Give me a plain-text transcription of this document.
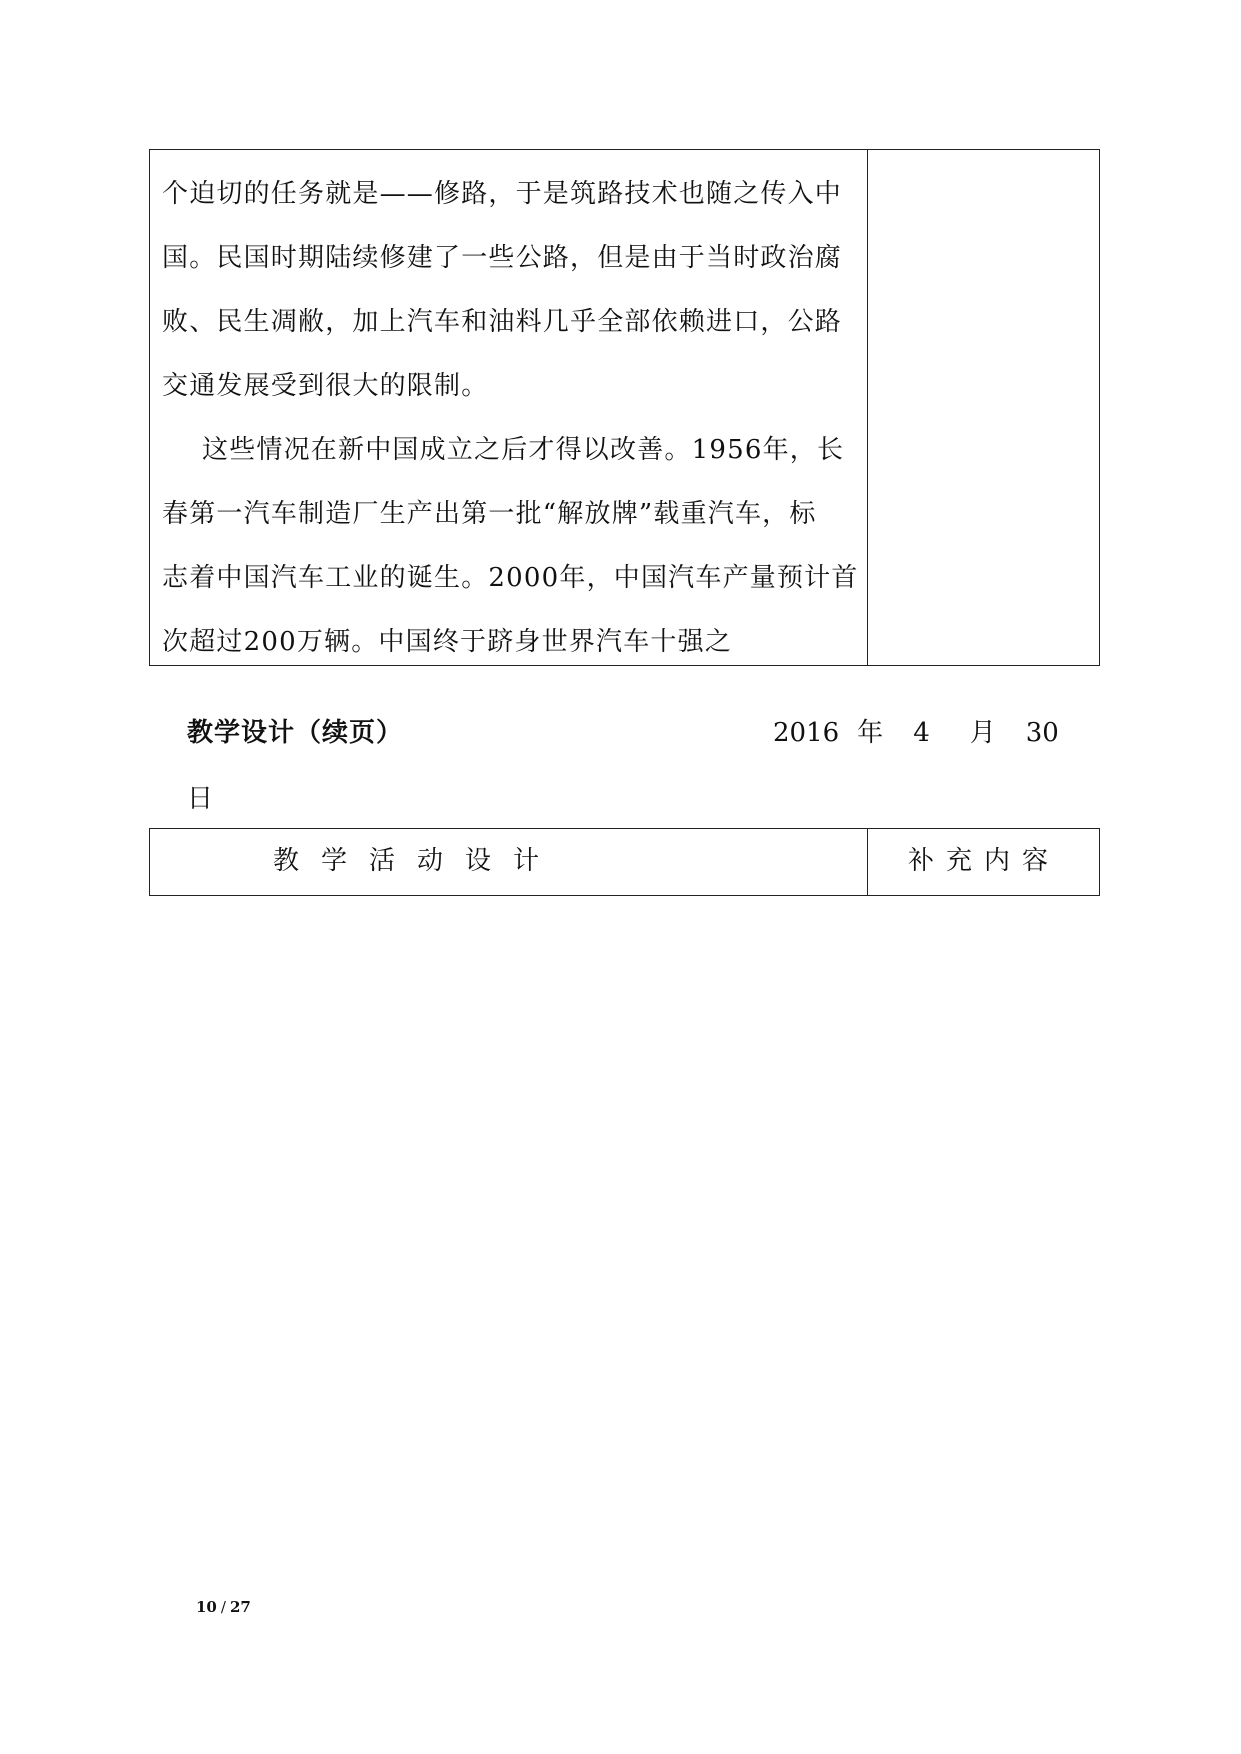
个迫切的任务就是——修路，于是筑路技术也随之传入中
国。民国时期陆续修建了一些公路，但是由于当时政治腐
败、民生凋敝，加上汽车和油料几乎全部依赖进口，公路
交通发展受到很大的限制。
这些情况在新中国成立之后才得以改善。1956年，长
春第一汽车制造厂生产出第一批“解放牌”载重汽车，标
志着中国汽车工业的诞生。2000年，中国汽车产量预计首
次超过200万辆。中国终于跻身世界汽车十强之
教学设计（续页）	2016 年 4 月 30
日
教学活动设计	补充内容
10 / 27
